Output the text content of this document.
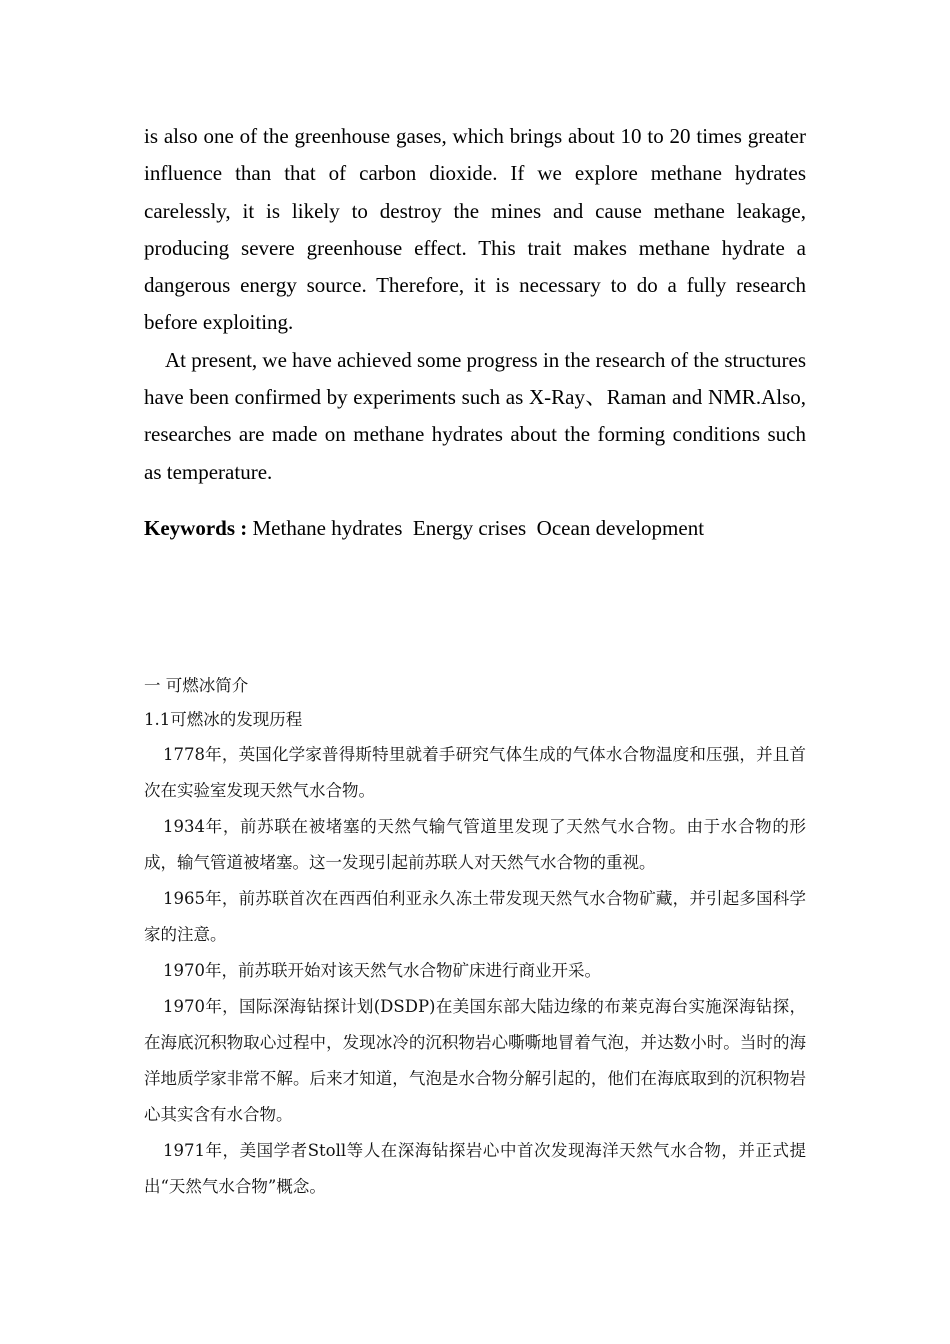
is also one of the greenhouse gases, which brings about 10 to 20 times greater influence than that of carbon dioxide. If we explore methane hydrates carelessly, it is likely to destroy the mines and cause methane leakage, producing severe greenhouse effect. This trait makes methane hydrate a dangerous energy source. Therefore, it is necessary to do a fully research before exploiting.

At present, we have achieved some progress in the research of the structures have been confirmed by experiments such as X-Ray、Raman and NMR.Also, researches are made on methane hydrates about the forming conditions such as temperature.

Keywords : Methane hydrates  Energy crises  Ocean development

一 可燃冰简介

1.1可燃冰的发现历程

1778年，英国化学家普得斯特里就着手研究气体生成的气体水合物温度和压强，并且首次在实验室发现天然气水合物。

1934年，前苏联在被堵塞的天然气输气管道里发现了天然气水合物。由于水合物的形成，输气管道被堵塞。这一发现引起前苏联人对天然气水合物的重视。

1965年，前苏联首次在西西伯利亚永久冻土带发现天然气水合物矿藏，并引起多国科学家的注意。

1970年，前苏联开始对该天然气水合物矿床进行商业开采。

1970年，国际深海钻探计划(DSDP)在美国东部大陆边缘的布莱克海台实施深海钻探，在海底沉积物取心过程中，发现冰冷的沉积物岩心嘶嘶地冒着气泡，并达数小时。当时的海洋地质学家非常不解。后来才知道，气泡是水合物分解引起的，他们在海底取到的沉积物岩心其实含有水合物。

1971年，美国学者Stoll等人在深海钻探岩心中首次发现海洋天然气水合物，并正式提出“天然气水合物”概念。
